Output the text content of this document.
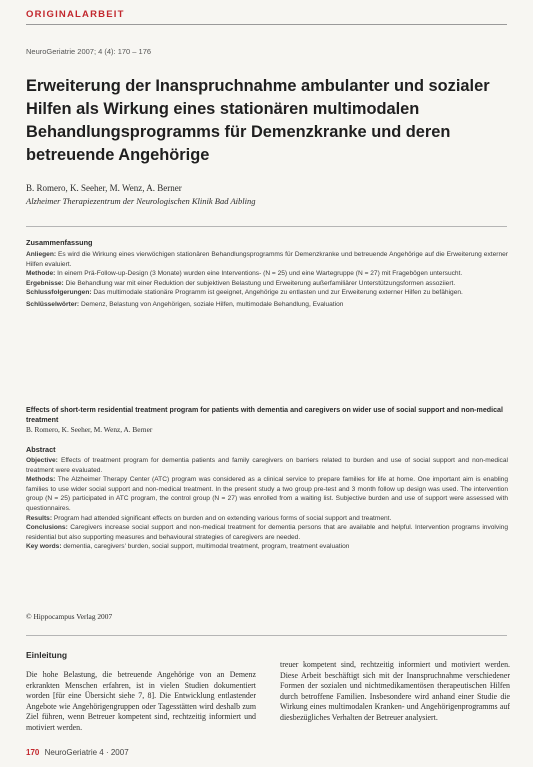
ORIGINALARBEIT
NeuroGeriatrie 2007; 4 (4): 170 – 176
Erweiterung der Inanspruchnahme ambulanter und sozialer Hilfen als Wirkung eines stationären multimodalen Behandlungsprogramms für Demenzkranke und deren betreuende Angehörige
B. Romero, K. Seeher, M. Wenz, A. Berner
Alzheimer Therapiezentrum der Neurologischen Klinik Bad Aibling
Zusammenfassung

Anliegen: Es wird die Wirkung eines vierwöchigen stationären Behandlungsprogramms für Demenzkranke und betreuende Angehörige auf die Erweiterung externer Hilfen evaluiert.

Methode: In einem Prä-Follow-up-Design (3 Monate) wurden eine Interventions- (N = 25) und eine Wartegruppe (N = 27) mit Fragebögen untersucht.

Ergebnisse: Die Behandlung war mit einer Reduktion der subjektiven Belastung und Erweiterung außerfamiliärer Unterstützungsformen assoziiert.

Schlussfolgerungen: Das multimodale stationäre Programm ist geeignet, Angehörige zu entlasten und zur Erweiterung externer Hilfen zu befähigen.

Schlüsselwörter: Demenz, Belastung von Angehörigen, soziale Hilfen, multimodale Behandlung, Evaluation

Effects of short-term residential treatment program for patients with dementia and caregivers on wider use of social support and non-medical treatment
B. Romero, K. Seeher, M. Wenz, A. Berner
Abstract

Objective: Effects of treatment program for dementia patients and family caregivers on barriers related to burden and use of social support and non-medical treatment were evaluated.

Methods: The Alzheimer Therapy Center (ATC) program was considered as a clinical service to prepare families for life at home. One important aim is enabling families to use wider social support and non-medical treatment. In the present study a two group pre-test and 3 month follow up design was used. The intervention group (N = 25) participated in ATC program, the control group (N = 27) was enrolled from a waiting list. Subjective burden and use of support were assessed with questionnaires.

Results: Program had attended significant effects on burden and on extending various forms of social support and treatment.

Conclusions: Caregivers increase social support and non-medical treatment for dementia persons that are available and helpful. Intervention programs involving residential but also supporting measures and behavioural strategies of caregivers are needed.

Key words: dementia, caregivers' burden, social support, multimodal treatment, program, treatment evaluation

© Hippocampus Verlag 2007
Einleitung

Die hohe Belastung, die betreuende Angehörige von an Demenz erkrankten Menschen erfahren, ist in vielen Studien dokumentiert worden [für eine Übersicht siehe 7, 8]. Die Entwicklung entlastender Angebote wie Angehörigengruppen oder Tagesstätten wird deshalb zum Ziel führen, wenn Betreuer kompetent sind, rechtzeitig informiert und motiviert werden.

treuer kompetent sind, rechtzeitig informiert und motiviert werden. Diese Arbeit beschäftigt sich mit der Inanspruchnahme verschiedener Formen der sozialen und nichtmedikamentösen therapeutischen Hilfen durch betroffene Familien. Insbesondere wird anhand einer Studie die Wirkung eines multimodalen Kranken- und Angehörigenprogramms auf diesbezügliches Verhalten der Betreuer analysiert.

170 NeuroGeriatrie 4 · 2007
